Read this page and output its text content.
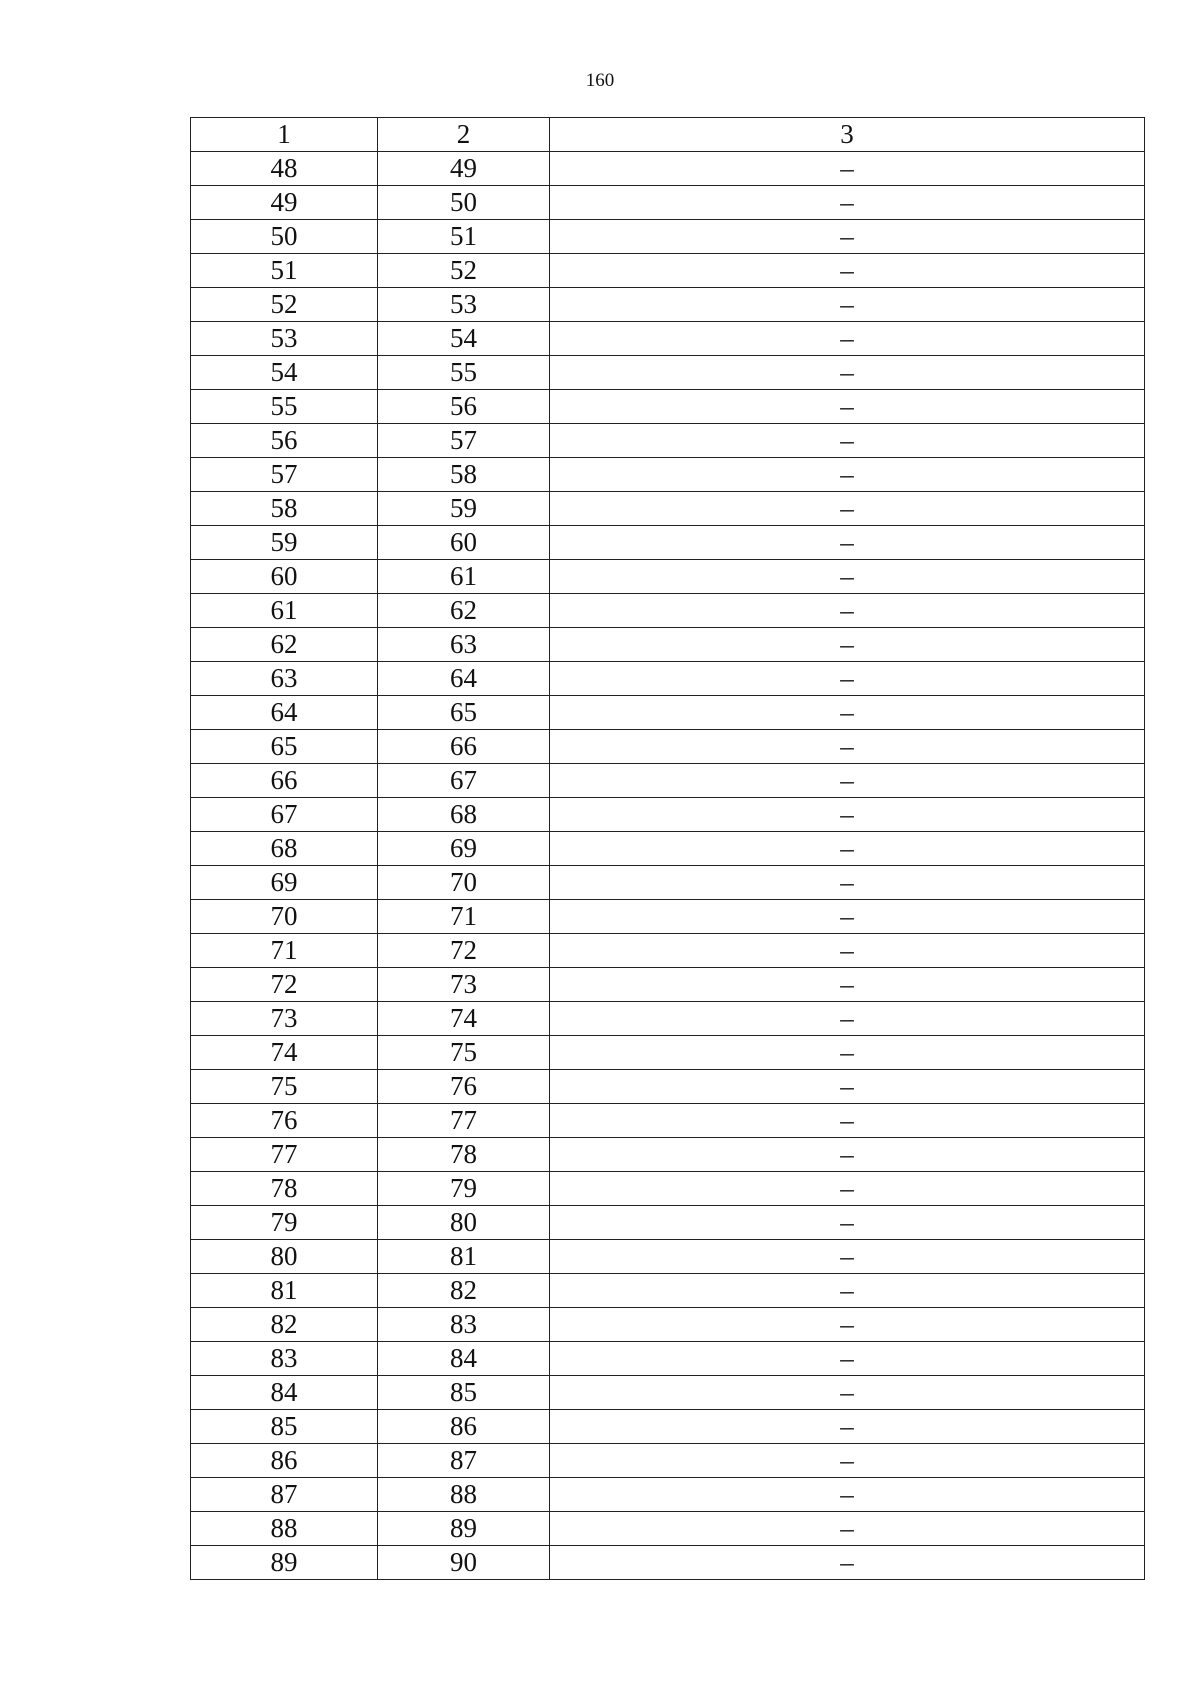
160
1	2	3
48	49	–
49	50	–
50	51	–
51	52	–
52	53	–
53	54	–
54	55	–
55	56	–
56	57	–
57	58	–
58	59	–
59	60	–
60	61	–
61	62	–
62	63	–
63	64	–
64	65	–
65	66	–
66	67	–
67	68	–
68	69	–
69	70	–
70	71	–
71	72	–
72	73	–
73	74	–
74	75	–
75	76	–
76	77	–
77	78	–
78	79	–
79	80	–
80	81	–
81	82	–
82	83	–
83	84	–
84	85	–
85	86	–
86	87	–
87	88	–
88	89	–
89	90	–
